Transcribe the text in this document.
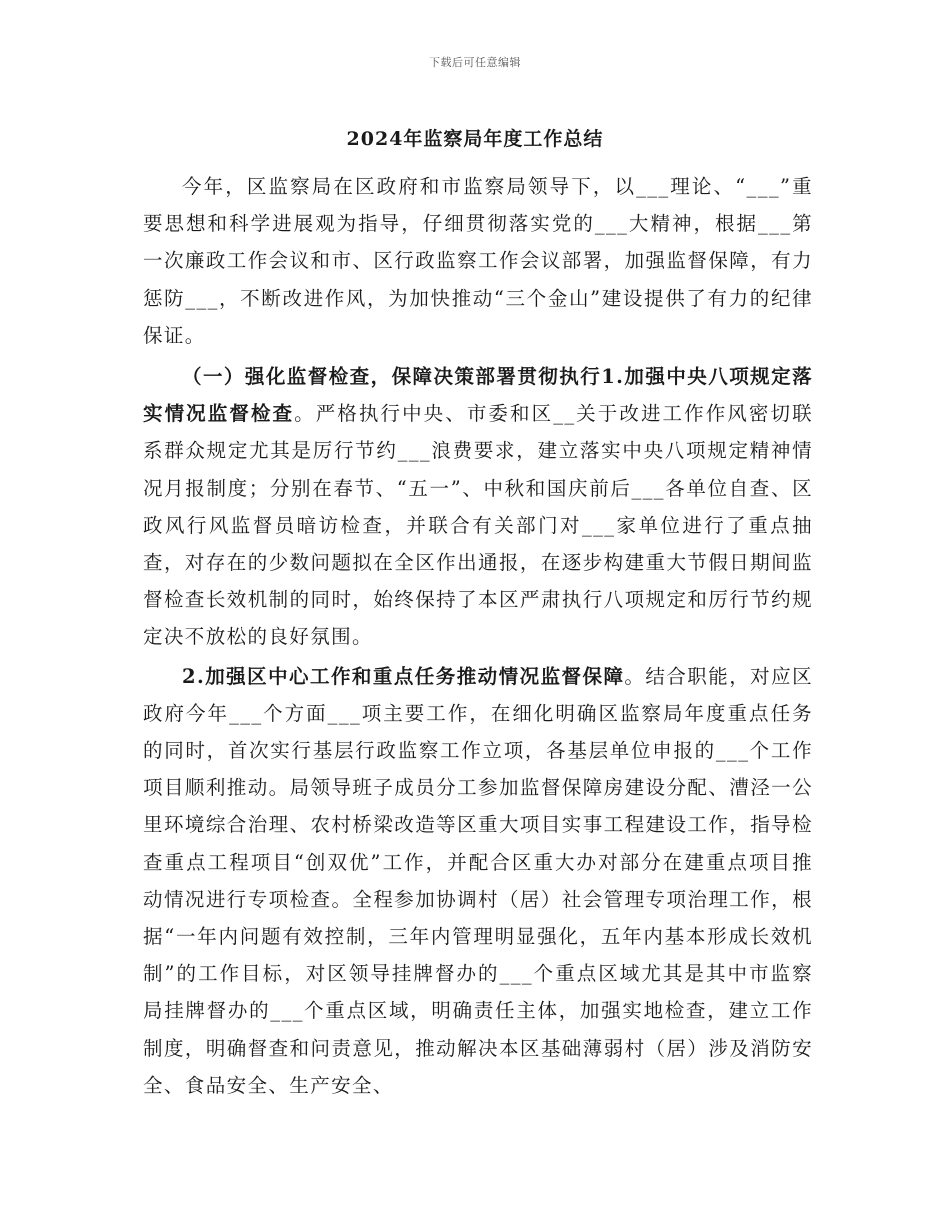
下载后可任意编辑
2024年监察局年度工作总结

今年，区监察局在区政府和市监察局领导下，以___理论、“___”重要思想和科学进展观为指导，仔细贯彻落实党的___大精神，根据___第一次廉政工作会议和市、区行政监察工作会议部署，加强监督保障，有力惩防___，不断改进作风，为加快推动“三个金山”建设提供了有力的纪律保证。

（一）强化监督检查，保障决策部署贯彻执行1.加强中央八项规定落实情况监督检查。严格执行中央、市委和区__关于改进工作作风密切联系群众规定尤其是厉行节约___浪费要求，建立落实中央八项规定精神情况月报制度；分别在春节、“五一”、中秋和国庆前后___各单位自查、区政风行风监督员暗访检查，并联合有关部门对___家单位进行了重点抽查，对存在的少数问题拟在全区作出通报，在逐步构建重大节假日期间监督检查长效机制的同时，始终保持了本区严肃执行八项规定和厉行节约规定决不放松的良好氛围。

2.加强区中心工作和重点任务推动情况监督保障。结合职能，对应区政府今年___个方面___项主要工作，在细化明确区监察局年度重点任务的同时，首次实行基层行政监察工作立项，各基层单位申报的___个工作项目顺利推动。局领导班子成员分工参加监督保障房建设分配、漕泾一公里环境综合治理、农村桥梁改造等区重大项目实事工程建设工作，指导检查重点工程项目“创双优”工作，并配合区重大办对部分在建重点项目推动情况进行专项检查。全程参加协调村（居）社会管理专项治理工作，根据“一年内问题有效控制，三年内管理明显强化，五年内基本形成长效机制”的工作目标，对区领导挂牌督办的___个重点区域尤其是其中市监察局挂牌督办的___个重点区域，明确责任主体，加强实地检查，建立工作制度，明确督查和问责意见，推动解决本区基础薄弱村（居）涉及消防安全、食品安全、生产安全、
